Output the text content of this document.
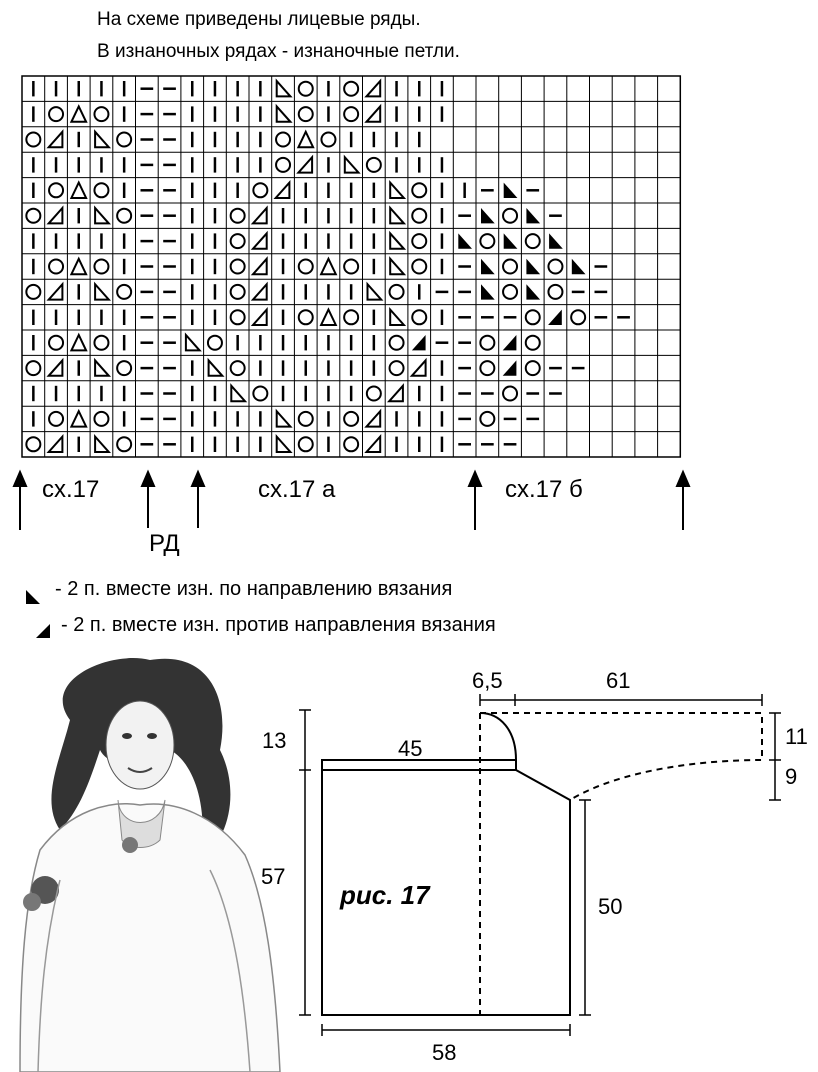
На схеме приведены лицевые ряды.
В изнаночных рядах - изнаночные петли.
сх.17	сх.17 а	сх.17 б
РД
- 2 п. вместе изн. по направлению вязания
- 2 п. вместе изн. против направления вязания
6,5	61
13	45	11
9
57
50
58
рис. 17
